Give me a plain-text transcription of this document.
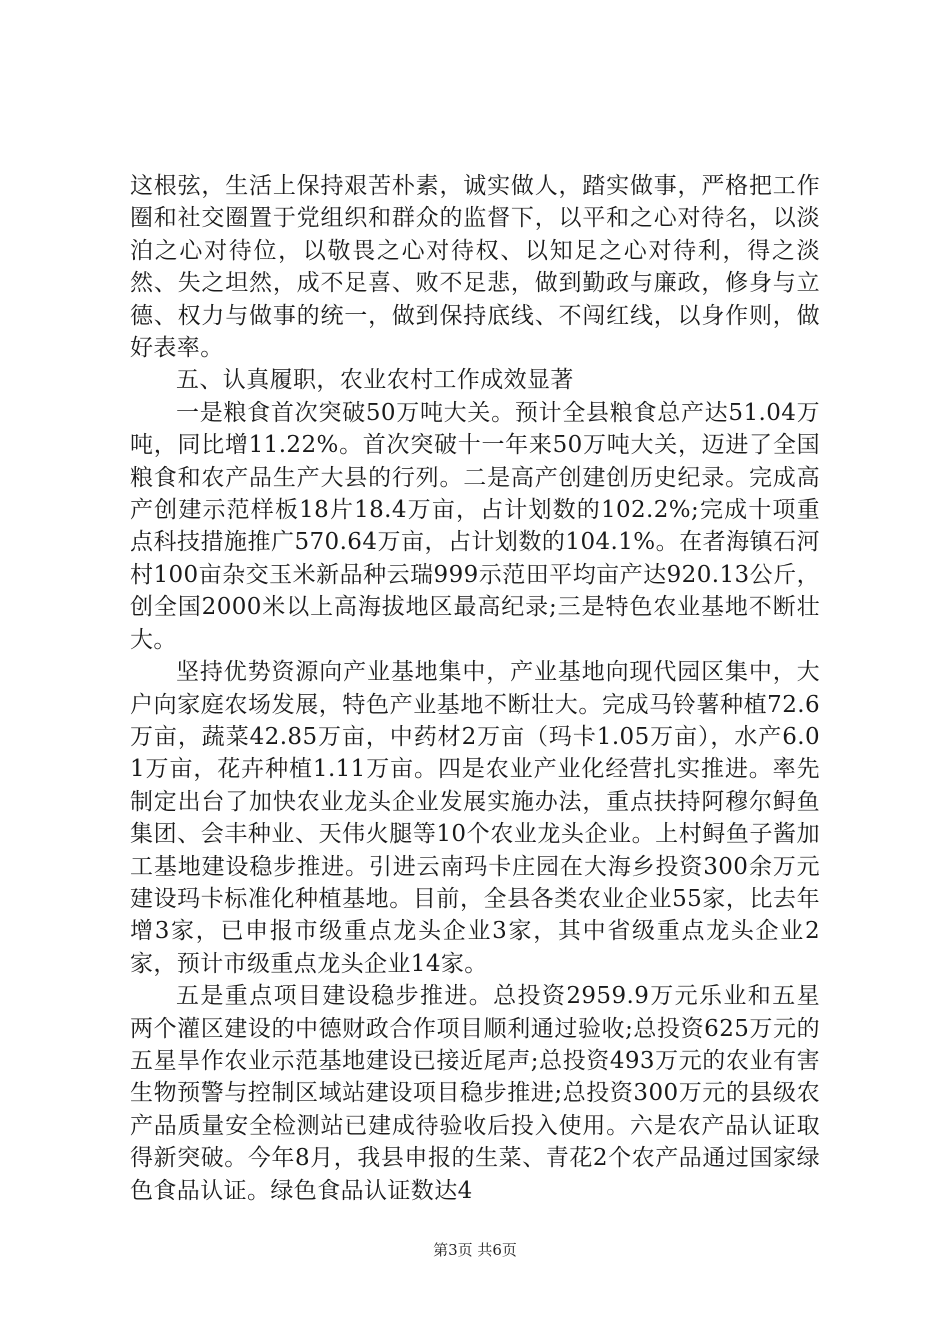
这根弦，生活上保持艰苦朴素，诚实做人，踏实做事，严格把工作圈和社交圈置于党组织和群众的监督下，以平和之心对待名，以淡泊之心对待位，以敬畏之心对待权、以知足之心对待利，得之淡然、失之坦然，成不足喜、败不足悲，做到勤政与廉政，修身与立德、权力与做事的统一，做到保持底线、不闯红线，以身作则，做好表率。

五、认真履职，农业农村工作成效显著

一是粮食首次突破50万吨大关。预计全县粮食总产达51.04万吨，同比增11.22%。首次突破十一年来50万吨大关，迈进了全国粮食和农产品生产大县的行列。二是高产创建创历史纪录。完成高产创建示范样板18片18.4万亩，占计划数的102.2%;完成十项重点科技措施推广570.64万亩，占计划数的104.1%。在者海镇石河村100亩杂交玉米新品种云瑞999示范田平均亩产达920.13公斤，创全国2000米以上高海拔地区最高纪录;三是特色农业基地不断壮大。

坚持优势资源向产业基地集中，产业基地向现代园区集中，大户向家庭农场发展，特色产业基地不断壮大。完成马铃薯种植72.6万亩，蔬菜42.85万亩，中药材2万亩（玛卡1.05万亩），水产6.01万亩，花卉种植1.11万亩。四是农业产业化经营扎实推进。率先制定出台了加快农业龙头企业发展实施办法，重点扶持阿穆尔鲟鱼集团、会丰种业、天伟火腿等10个农业龙头企业。上村鲟鱼子酱加工基地建设稳步推进。引进云南玛卡庄园在大海乡投资300余万元建设玛卡标准化种植基地。目前，全县各类农业企业55家，比去年增3家，已申报市级重点龙头企业3家，其中省级重点龙头企业2家，预计市级重点龙头企业14家。

五是重点项目建设稳步推进。总投资2959.9万元乐业和五星两个灌区建设的中德财政合作项目顺利通过验收;总投资625万元的五星旱作农业示范基地建设已接近尾声;总投资493万元的农业有害生物预警与控制区域站建设项目稳步推进;总投资300万元的县级农产品质量安全检测站已建成待验收后投入使用。六是农产品认证取得新突破。今年8月，我县申报的生菜、青花2个农产品通过国家绿色食品认证。绿色食品认证数达4

第3页 共6页
